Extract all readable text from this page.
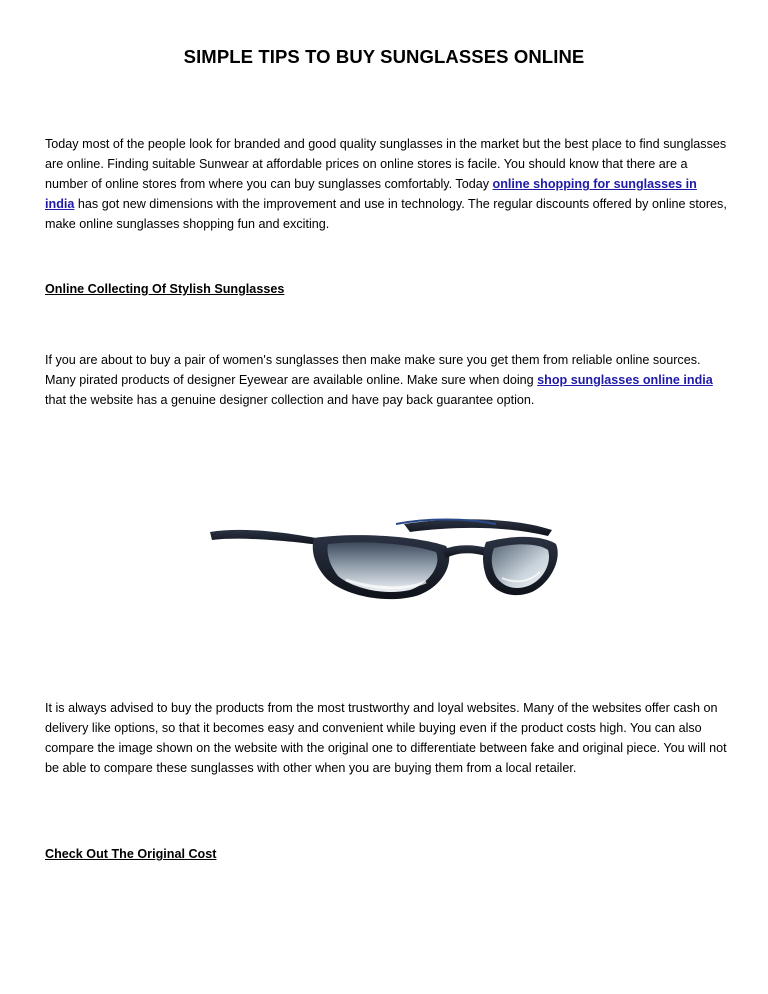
SIMPLE TIPS TO BUY SUNGLASSES ONLINE

Today most of the people look for branded and good quality sunglasses in the market but the best place to find sunglasses are online. Finding suitable Sunwear at affordable prices on online stores is facile. You should know that there are a number of online stores from where you can buy sunglasses comfortably. Today online shopping for sunglasses in india has got new dimensions with the improvement and use in technology. The regular discounts offered by online stores, make online sunglasses shopping fun and exciting.

Online Collecting Of Stylish Sunglasses

If you are about to buy a pair of women's sunglasses then make make sure you get them from reliable online sources. Many pirated products of designer Eyewear are available online. Make sure when doing shop sunglasses online india that the website has a genuine designer collection and have pay back guarantee option.

It is always advised to buy the products from the most trustworthy and loyal websites. Many of the websites offer cash on delivery like options, so that it becomes easy and convenient while buying even if the product costs high. You can also compare the image shown on the website with the original one to differentiate between fake and original piece. You will not be able to compare these sunglasses with other when you are buying them from a local retailer.

Check Out The Original Cost
